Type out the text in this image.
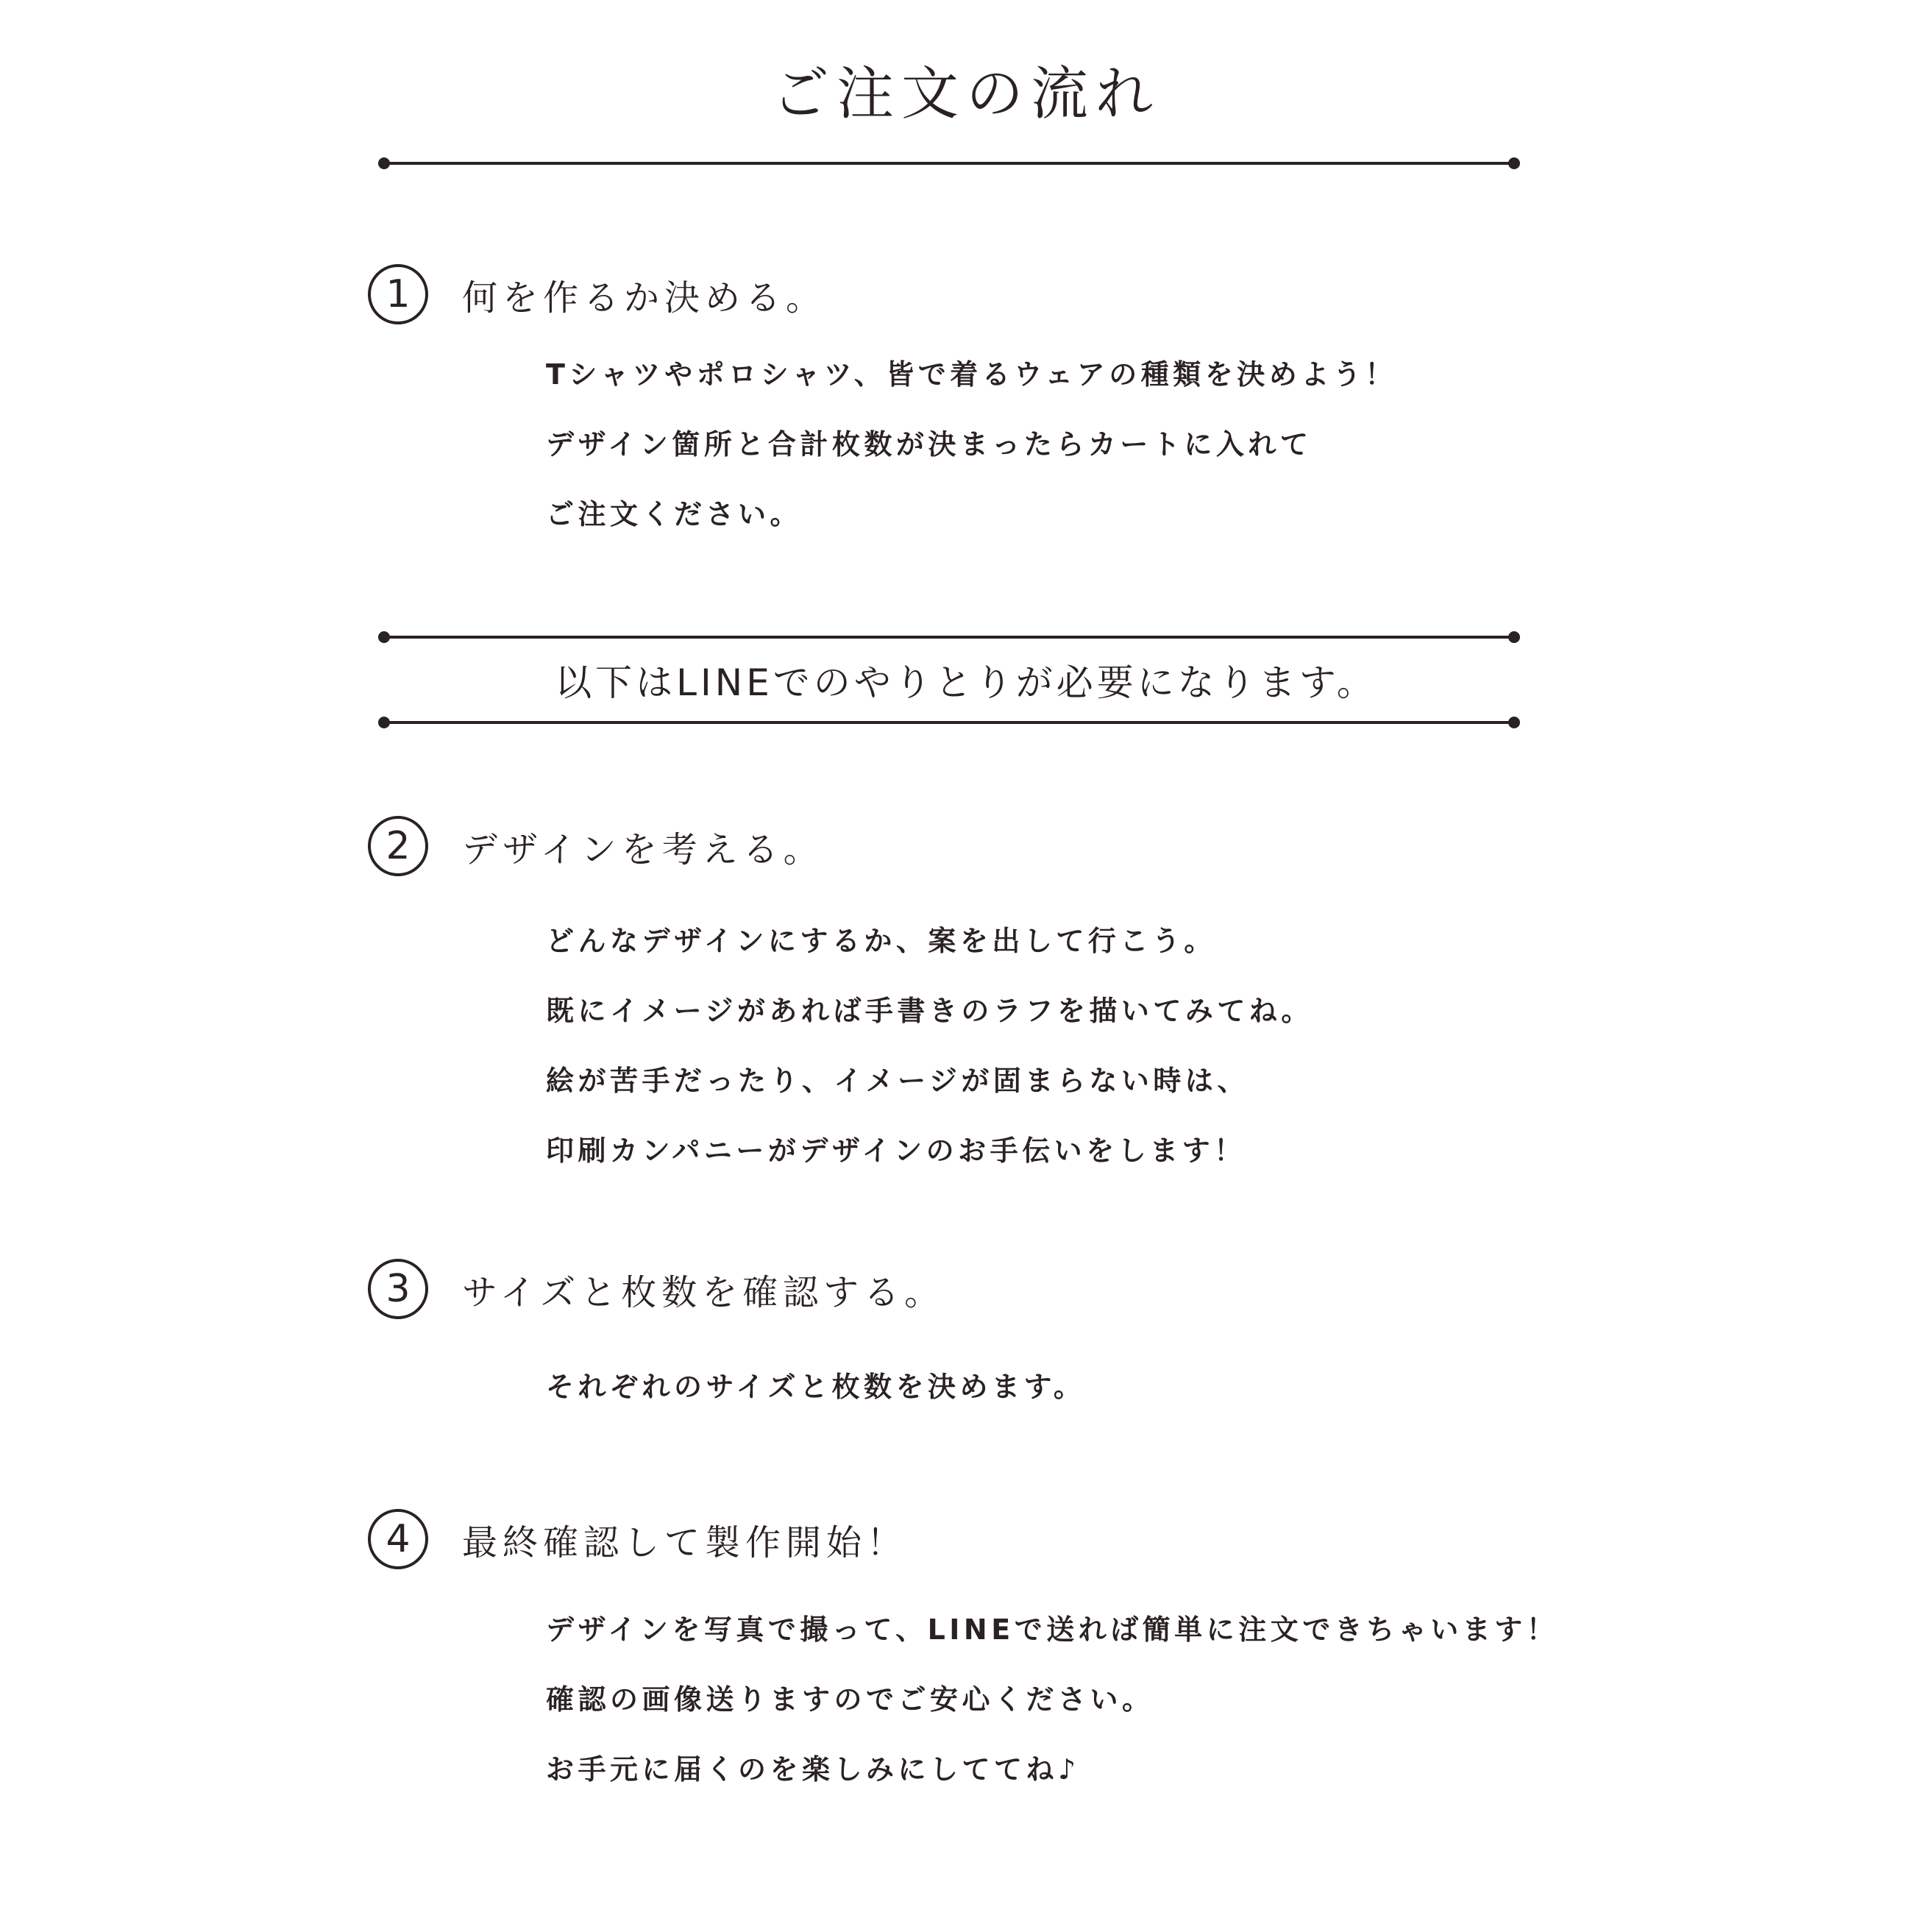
ご注文の流れ
1	何を作るか決める。
Tシャツやポロシャツ、皆で着るウェアの種類を決めよう！
デザイン箇所と合計枚数が決まったらカートに入れて
ご注文ください。
以下はLINEでのやりとりが必要になります。
2	デザインを考える。
どんなデザインにするか、案を出して行こう。
既にイメージがあれば手書きのラフを描いてみてね。
絵が苦手だったり、イメージが固まらない時は、
印刷カンパニーがデザインのお手伝いをします！
3	サイズと枚数を確認する。
それぞれのサイズと枚数を決めます。
4	最終確認して製作開始！
デザインを写真で撮って、LINEで送れば簡単に注文できちゃいます！
確認の画像送りますのでご安心ください。
お手元に届くのを楽しみにしててね♪
